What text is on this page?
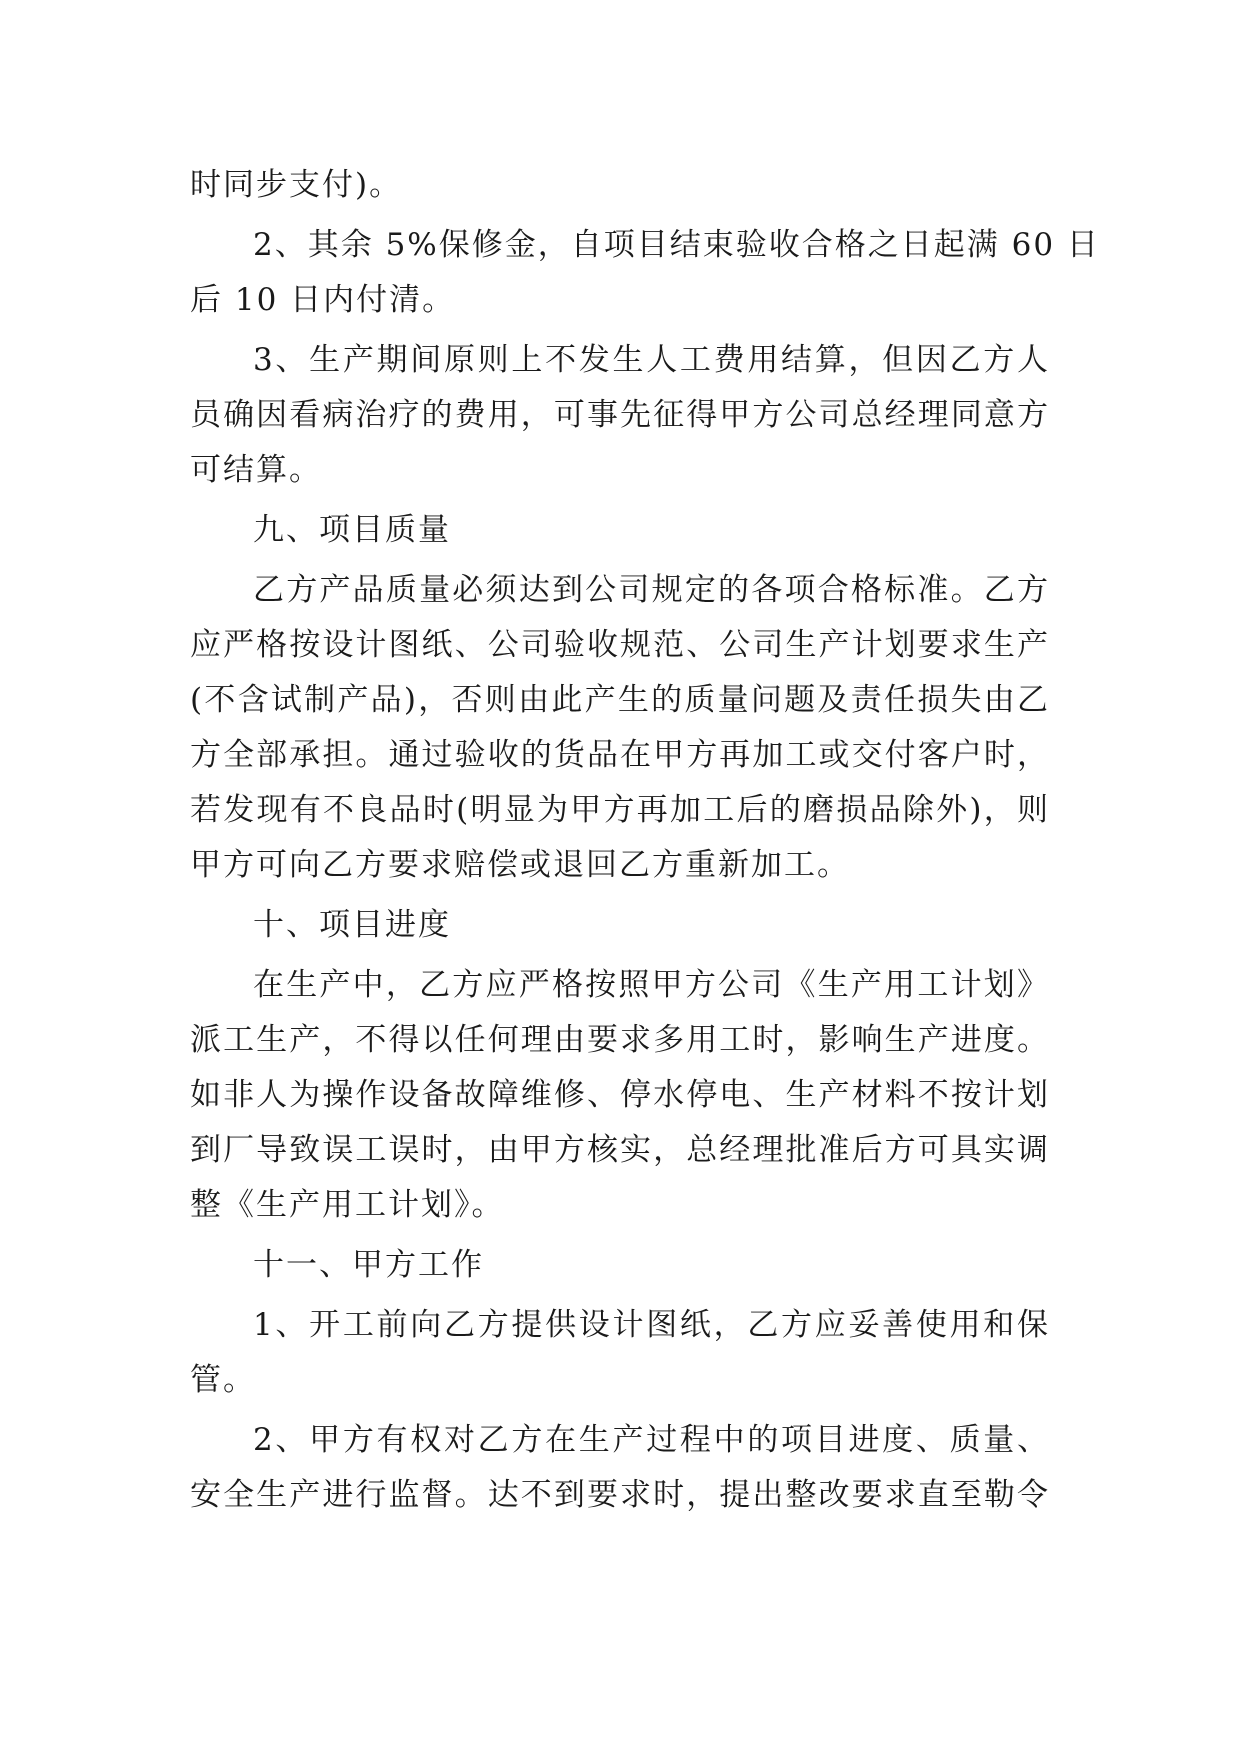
时同步支付)。
2、其余 5%保修金，自项目结束验收合格之日起满 60 日
后 10 日内付清。
3、生产期间原则上不发生人工费用结算，但因乙方人
员确因看病治疗的费用，可事先征得甲方公司总经理同意方
可结算。
九、项目质量
乙方产品质量必须达到公司规定的各项合格标准。乙方
应严格按设计图纸、公司验收规范、公司生产计划要求生产
(不含试制产品)，否则由此产生的质量问题及责任损失由乙
方全部承担。通过验收的货品在甲方再加工或交付客户时，
若发现有不良品时(明显为甲方再加工后的磨损品除外)，则
甲方可向乙方要求赔偿或退回乙方重新加工。
十、项目进度
在生产中，乙方应严格按照甲方公司《生产用工计划》
派工生产，不得以任何理由要求多用工时，影响生产进度。
如非人为操作设备故障维修、停水停电、生产材料不按计划
到厂导致误工误时，由甲方核实，总经理批准后方可具实调
整《生产用工计划》。
十一、甲方工作
1、开工前向乙方提供设计图纸，乙方应妥善使用和保
管。
2、甲方有权对乙方在生产过程中的项目进度、质量、
安全生产进行监督。达不到要求时，提出整改要求直至勒令
